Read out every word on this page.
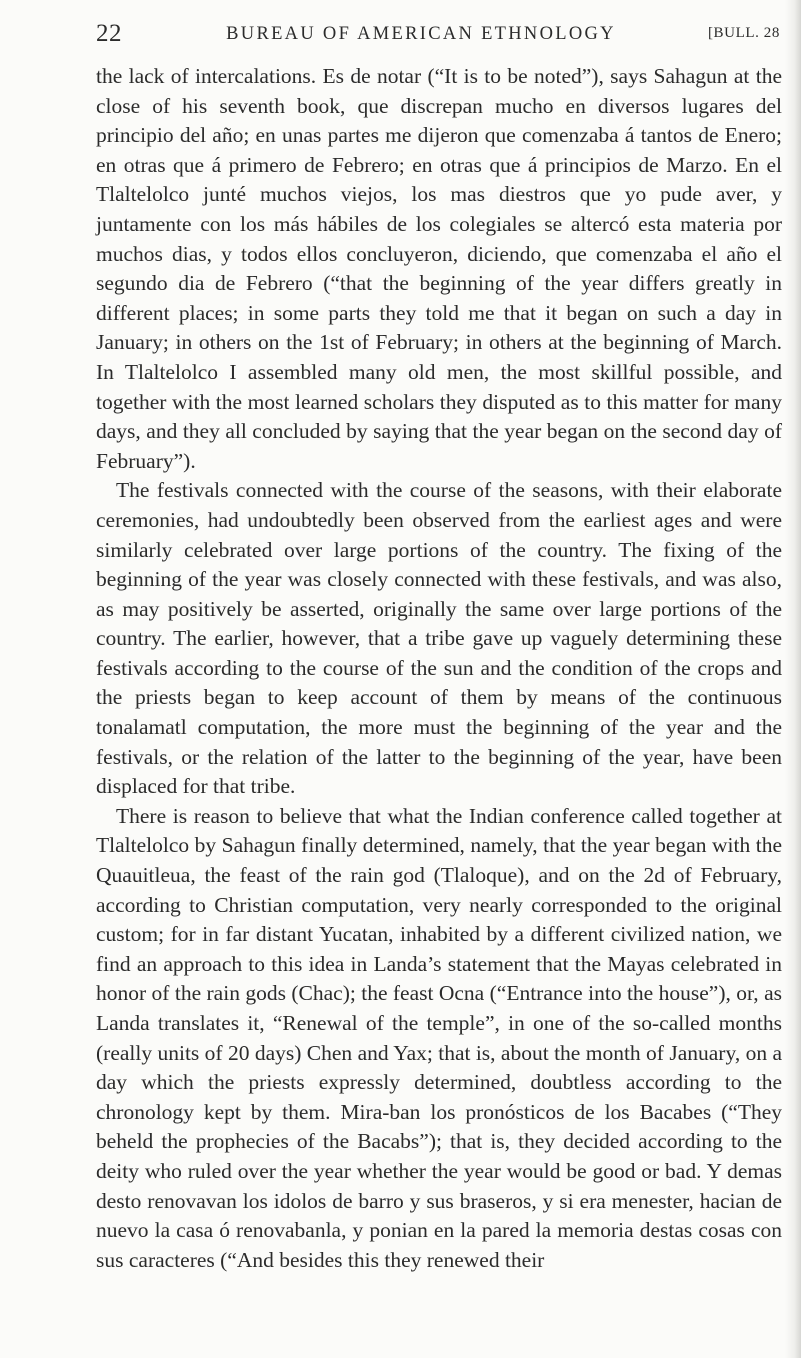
22	BUREAU OF AMERICAN ETHNOLOGY	[BULL. 28

the lack of intercalations. Es de notar (“It is to be noted”), says Sahagun at the close of his seventh book, que discrepan mucho en diversos lugares del principio del año; en unas partes me dijeron que comenzaba á tantos de Enero; en otras que á primero de Febrero; en otras que á principios de Marzo. En el Tlaltelolco junté muchos viejos, los mas diestros que yo pude aver, y juntamente con los más hábiles de los colegiales se altercó esta materia por muchos dias, y todos ellos concluyeron, diciendo, que comenzaba el año el segundo dia de Febrero (“that the beginning of the year differs greatly in different places; in some parts they told me that it began on such a day in January; in others on the 1st of February; in others at the beginning of March. In Tlaltelolco I assembled many old men, the most skillful possible, and together with the most learned scholars they disputed as to this matter for many days, and they all concluded by saying that the year began on the second day of February”).

The festivals connected with the course of the seasons, with their elaborate ceremonies, had undoubtedly been observed from the earliest ages and were similarly celebrated over large portions of the country. The fixing of the beginning of the year was closely connected with these festivals, and was also, as may positively be asserted, originally the same over large portions of the country. The earlier, however, that a tribe gave up vaguely determining these festivals according to the course of the sun and the condition of the crops and the priests began to keep account of them by means of the continuous tonalamatl computation, the more must the beginning of the year and the festivals, or the relation of the latter to the beginning of the year, have been displaced for that tribe.

There is reason to believe that what the Indian conference called together at Tlaltelolco by Sahagun finally determined, namely, that the year began with the Quauitleua, the feast of the rain god (Tlaloque), and on the 2d of February, according to Christian computation, very nearly corresponded to the original custom; for in far distant Yucatan, inhabited by a different civilized nation, we find an approach to this idea in Landa’s statement that the Mayas celebrated in honor of the rain gods (Chac); the feast Ocna (“Entrance into the house”), or, as Landa translates it, “Renewal of the temple”, in one of the so-called months (really units of 20 days) Chen and Yax; that is, about the month of January, on a day which the priests expressly determined, doubtless according to the chronology kept by them. Mira-ban los pronósticos de los Bacabes (“They beheld the prophecies of the Bacabs”); that is, they decided according to the deity who ruled over the year whether the year would be good or bad. Y demas desto renovavan los idolos de barro y sus braseros, y si era menester, hacian de nuevo la casa ó renovabanla, y ponian en la pared la memoria destas cosas con sus caracteres (“And besides this they renewed their
